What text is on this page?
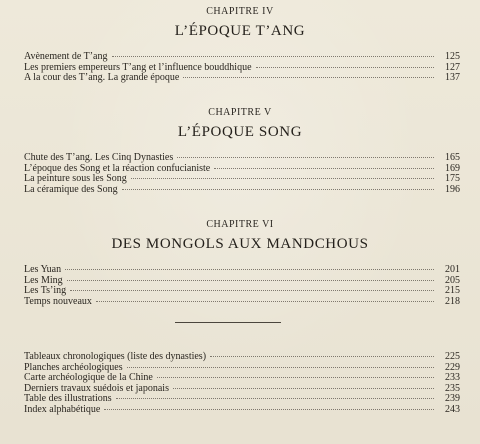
CHAPITRE IV
L’ÉPOQUE T’ANG
Avènement de T’ang	125
Les premiers empereurs T’ang et l’influence bouddhique	127
A la cour des T’ang. La grande époque	137
CHAPITRE V
L’ÉPOQUE SONG
Chute des T’ang. Les Cinq Dynasties	165
L’époque des Song et la réaction confucianiste	169
La peinture sous les Song	175
La céramique des Song	196
CHAPITRE VI
DES MONGOLS AUX MANDCHOUS
Les Yuan	201
Les Ming	205
Les Ts’ing	215
Temps nouveaux	218
Tableaux chronologiques (liste des dynasties)	225
Planches archéologiques	229
Carte archéologique de la Chine	233
Derniers travaux suédois et japonais	235
Table des illustrations	239
Index alphabétique	243
